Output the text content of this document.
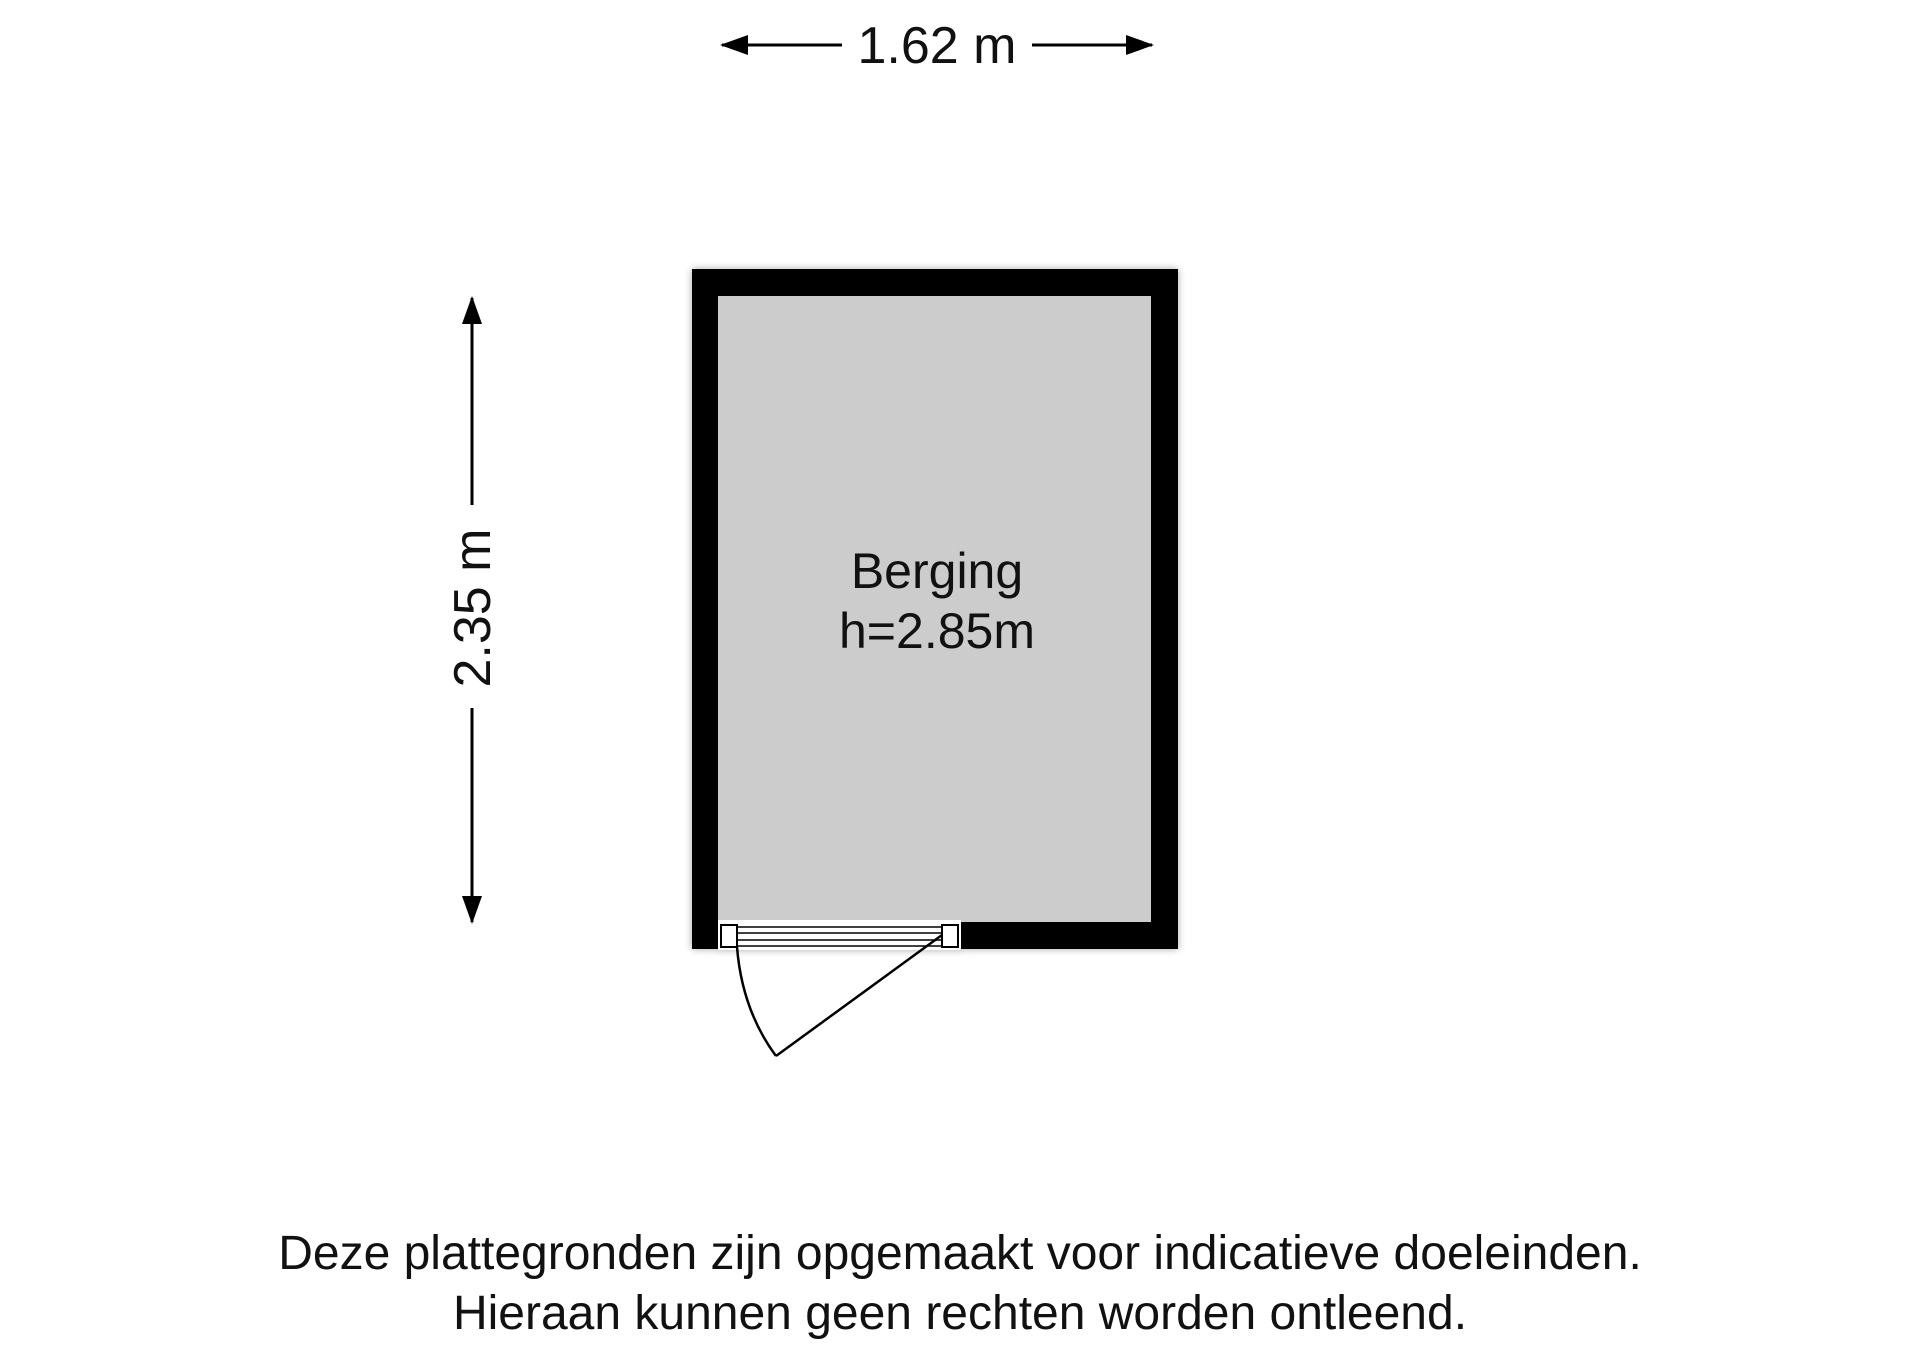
1.62 m
2.35 m	Berging
h=2.85m
Deze plattegronden zijn opgemaakt voor indicatieve doeleinden.
Hieraan kunnen geen rechten worden ontleend.
